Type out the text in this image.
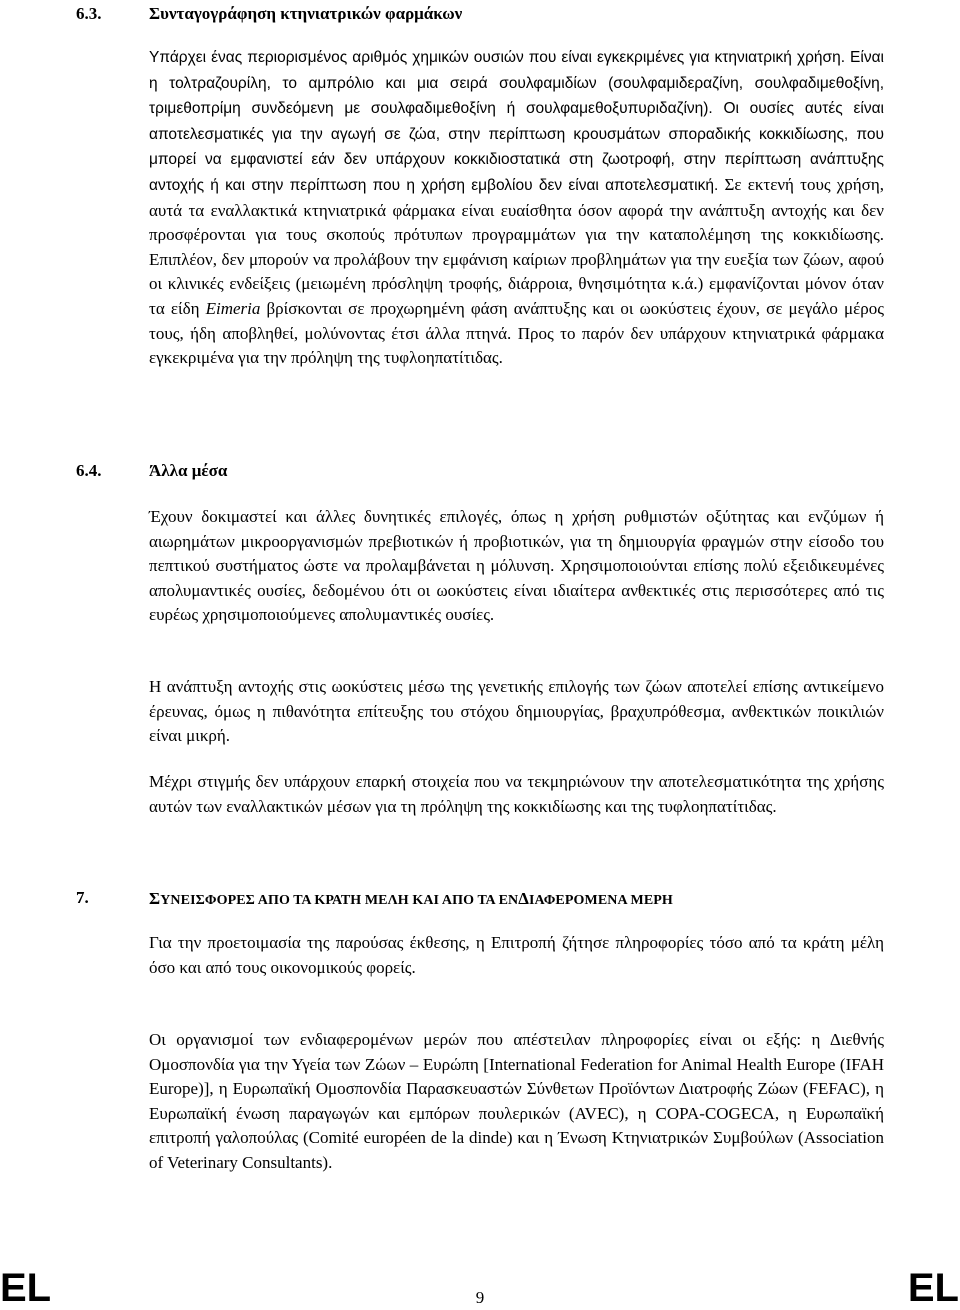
6.3.	Συνταγογράφηση κτηνιατρικών φαρμάκων

Υπάρχει ένας περιορισμένος αριθμός χημικών ουσιών που είναι εγκεκριμένες για κτηνιατρική χρήση. Είναι η τολτραζουρίλη, το αμπρόλιο και μια σειρά σουλφαμιδίων (σουλφαμιδεραζίνη, σουλφαδιμεθοξίνη, τριμεθοπρίμη συνδεόμενη με σουλφαδιμεθοξίνη ή σουλφαμεθοξυπυριδαζίνη). Οι ουσίες αυτές είναι αποτελεσματικές για την αγωγή σε ζώα, στην περίπτωση κρουσμάτων σποραδικής κοκκιδίωσης, που μπορεί να εμφανιστεί εάν δεν υπάρχουν κοκκιδιοστατικά στη ζωοτροφή, στην περίπτωση ανάπτυξης αντοχής ή και στην περίπτωση που η χρήση εμβολίου δεν είναι αποτελεσματική. Σε εκτενή τους χρήση, αυτά τα εναλλακτικά κτηνιατρικά φάρμακα είναι ευαίσθητα όσον αφορά την ανάπτυξη αντοχής και δεν προσφέρονται για τους σκοπούς πρότυπων προγραμμάτων για την καταπολέμηση της κοκκιδίωσης. Επιπλέον, δεν μπορούν να προλάβουν την εμφάνιση καίριων προβλημάτων για την ευεξία των ζώων, αφού οι κλινικές ενδείξεις (μειωμένη πρόσληψη τροφής, διάρροια, θνησιμότητα κ.ά.) εμφανίζονται μόνον όταν τα είδη Eimeria βρίσκονται σε προχωρημένη φάση ανάπτυξης και οι ωοκύστεις έχουν, σε μεγάλο μέρος τους, ήδη αποβληθεί, μολύνοντας έτσι άλλα πτηνά. Προς το παρόν δεν υπάρχουν κτηνιατρικά φάρμακα εγκεκριμένα για την πρόληψη της τυφλοηπατίτιδας.

6.4.	Άλλα μέσα

Έχουν δοκιμαστεί και άλλες δυνητικές επιλογές, όπως η χρήση ρυθμιστών οξύτητας και ενζύμων ή αιωρημάτων μικροοργανισμών πρεβιοτικών ή προβιοτικών, για τη δημιουργία φραγμών στην είσοδο του πεπτικού συστήματος ώστε να προλαμβάνεται η μόλυνση. Χρησιμοποιούνται επίσης πολύ εξειδικευμένες απολυμαντικές ουσίες, δεδομένου ότι οι ωοκύστεις είναι ιδιαίτερα ανθεκτικές στις περισσότερες από τις ευρέως χρησιμοποιούμενες απολυμαντικές ουσίες.

Η ανάπτυξη αντοχής στις ωοκύστεις μέσω της γενετικής επιλογής των ζώων αποτελεί επίσης αντικείμενο έρευνας, όμως η πιθανότητα επίτευξης του στόχου δημιουργίας, βραχυπρόθεσμα, ανθεκτικών ποικιλιών είναι μικρή.

Μέχρι στιγμής δεν υπάρχουν επαρκή στοιχεία που να τεκμηριώνουν την αποτελεσματικότητα της χρήσης αυτών των εναλλακτικών μέσων για τη πρόληψη της κοκκιδίωσης και της τυφλοηπατίτιδας.

7.	ΣΥΝΕΙΣΦΟΡΕΣ ΑΠΟ ΤΑ ΚΡΑΤΗ ΜΕΛΗ ΚΑΙ ΑΠΟ ΤΑ ΕΝΔΙΑΦΕΡΟΜΕΝΑ ΜΕΡΗ

Για την προετοιμασία της παρούσας έκθεσης, η Επιτροπή ζήτησε πληροφορίες τόσο από τα κράτη μέλη όσο και από τους οικονομικούς φορείς.

Οι οργανισμοί των ενδιαφερομένων μερών που απέστειλαν πληροφορίες είναι οι εξής: η Διεθνής Ομοσπονδία για την Υγεία των Ζώων – Ευρώπη [International Federation for Animal Health Europe (IFAH Europe)], η Ευρωπαϊκή Ομοσπονδία Παρασκευαστών Σύνθετων Προϊόντων Διατροφής Ζώων (FEFAC), η Ευρωπαϊκή ένωση παραγωγών και εμπόρων πουλερικών (AVEC), η COPA-COGECA, η Ευρωπαϊκή επιτροπή γαλοπούλας (Comité européen de la dinde) και η Ένωση Κτηνιατρικών Συμβούλων (Association of Veterinary Consultants).

EL	9	EL
